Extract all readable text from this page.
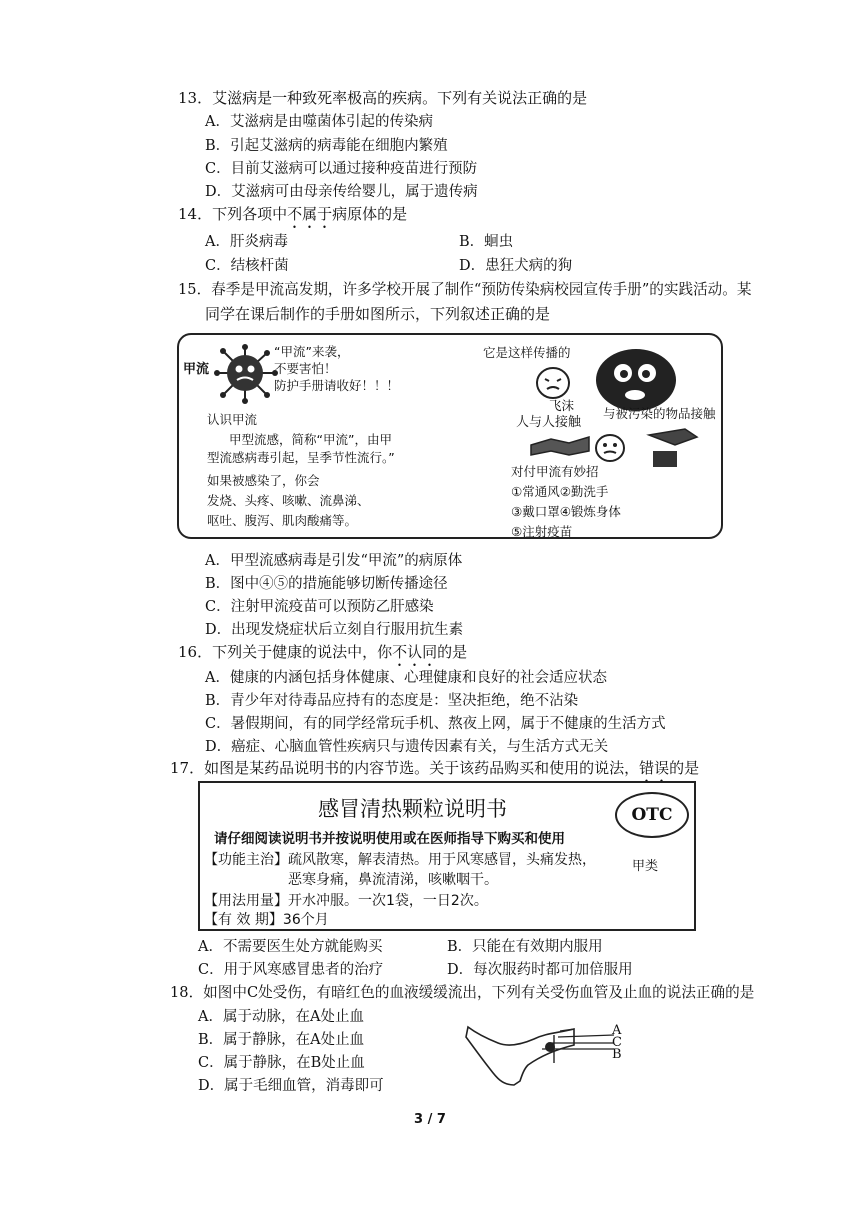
13．艾滋病是一种致死率极高的疾病。下列有关说法正确的是
A．艾滋病是由噬菌体引起的传染病
B．引起艾滋病的病毒能在细胞内繁殖
C．目前艾滋病可以通过接种疫苗进行预防
D．艾滋病可由母亲传给婴儿，属于遗传病
14．下列各项中不属于病原体的是
A．肝炎病毒	B．蛔虫
C．结核杆菌	D．患狂犬病的狗
15．春季是甲流高发期，许多学校开展了制作“预防传染病校园宣传手册”的实践活动。某
同学在课后制作的手册如图所示，下列叙述正确的是
甲流
“甲流”来袭，
不要害怕！
防护手册请收好！！！
认识甲流
甲型流感，简称“甲流”，由甲
型流感病毒引起，呈季节性流行。”
如果被感染了，你会
发烧、头疼、咳嗽、流鼻涕、
呕吐、腹泻、肌肉酸痛等。
它是这样传播的
飞沫
人与人接触
与被污染的物品接触
对付甲流有妙招
①常通风②勤洗手
③戴口罩④锻炼身体
⑤注射疫苗
A．甲型流感病毒是引发“甲流”的病原体
B．图中④⑤的措施能够切断传播途径
C．注射甲流疫苗可以预防乙肝感染
D．出现发烧症状后立刻自行服用抗生素
16．下列关于健康的说法中，你不认同的是
A．健康的内涵包括身体健康、心理健康和良好的社会适应状态
B．青少年对待毒品应持有的态度是：坚决拒绝，绝不沾染
C．暑假期间，有的同学经常玩手机、熬夜上网，属于不健康的生活方式
D．癌症、心脑血管性疾病只与遗传因素有关，与生活方式无关
17．如图是某药品说明书的内容节选。关于该药品购买和使用的说法，错误的是
感冒清热颗粒说明书
请仔细阅读说明书并按说明使用或在医师指导下购买和使用
【功能主治】疏风散寒，解表清热。用于风寒感冒，头痛发热，
恶寒身痛，鼻流清涕，咳嗽咽干。
【用法用量】开水冲服。一次1袋，一日2次。
【有 效 期】36个月
OTC
甲类
A．不需要医生处方就能购买	B．只能在有效期内服用
C．用于风寒感冒患者的治疗	D．每次服药时都可加倍服用
18．如图中C处受伤，有暗红色的血液缓缓流出，下列有关受伤血管及止血的说法正确的是
A．属于动脉，在A处止血
B．属于静脉，在A处止血
C．属于静脉，在B处止血
D．属于毛细血管，消毒即可
A
C
B
3 / 7
